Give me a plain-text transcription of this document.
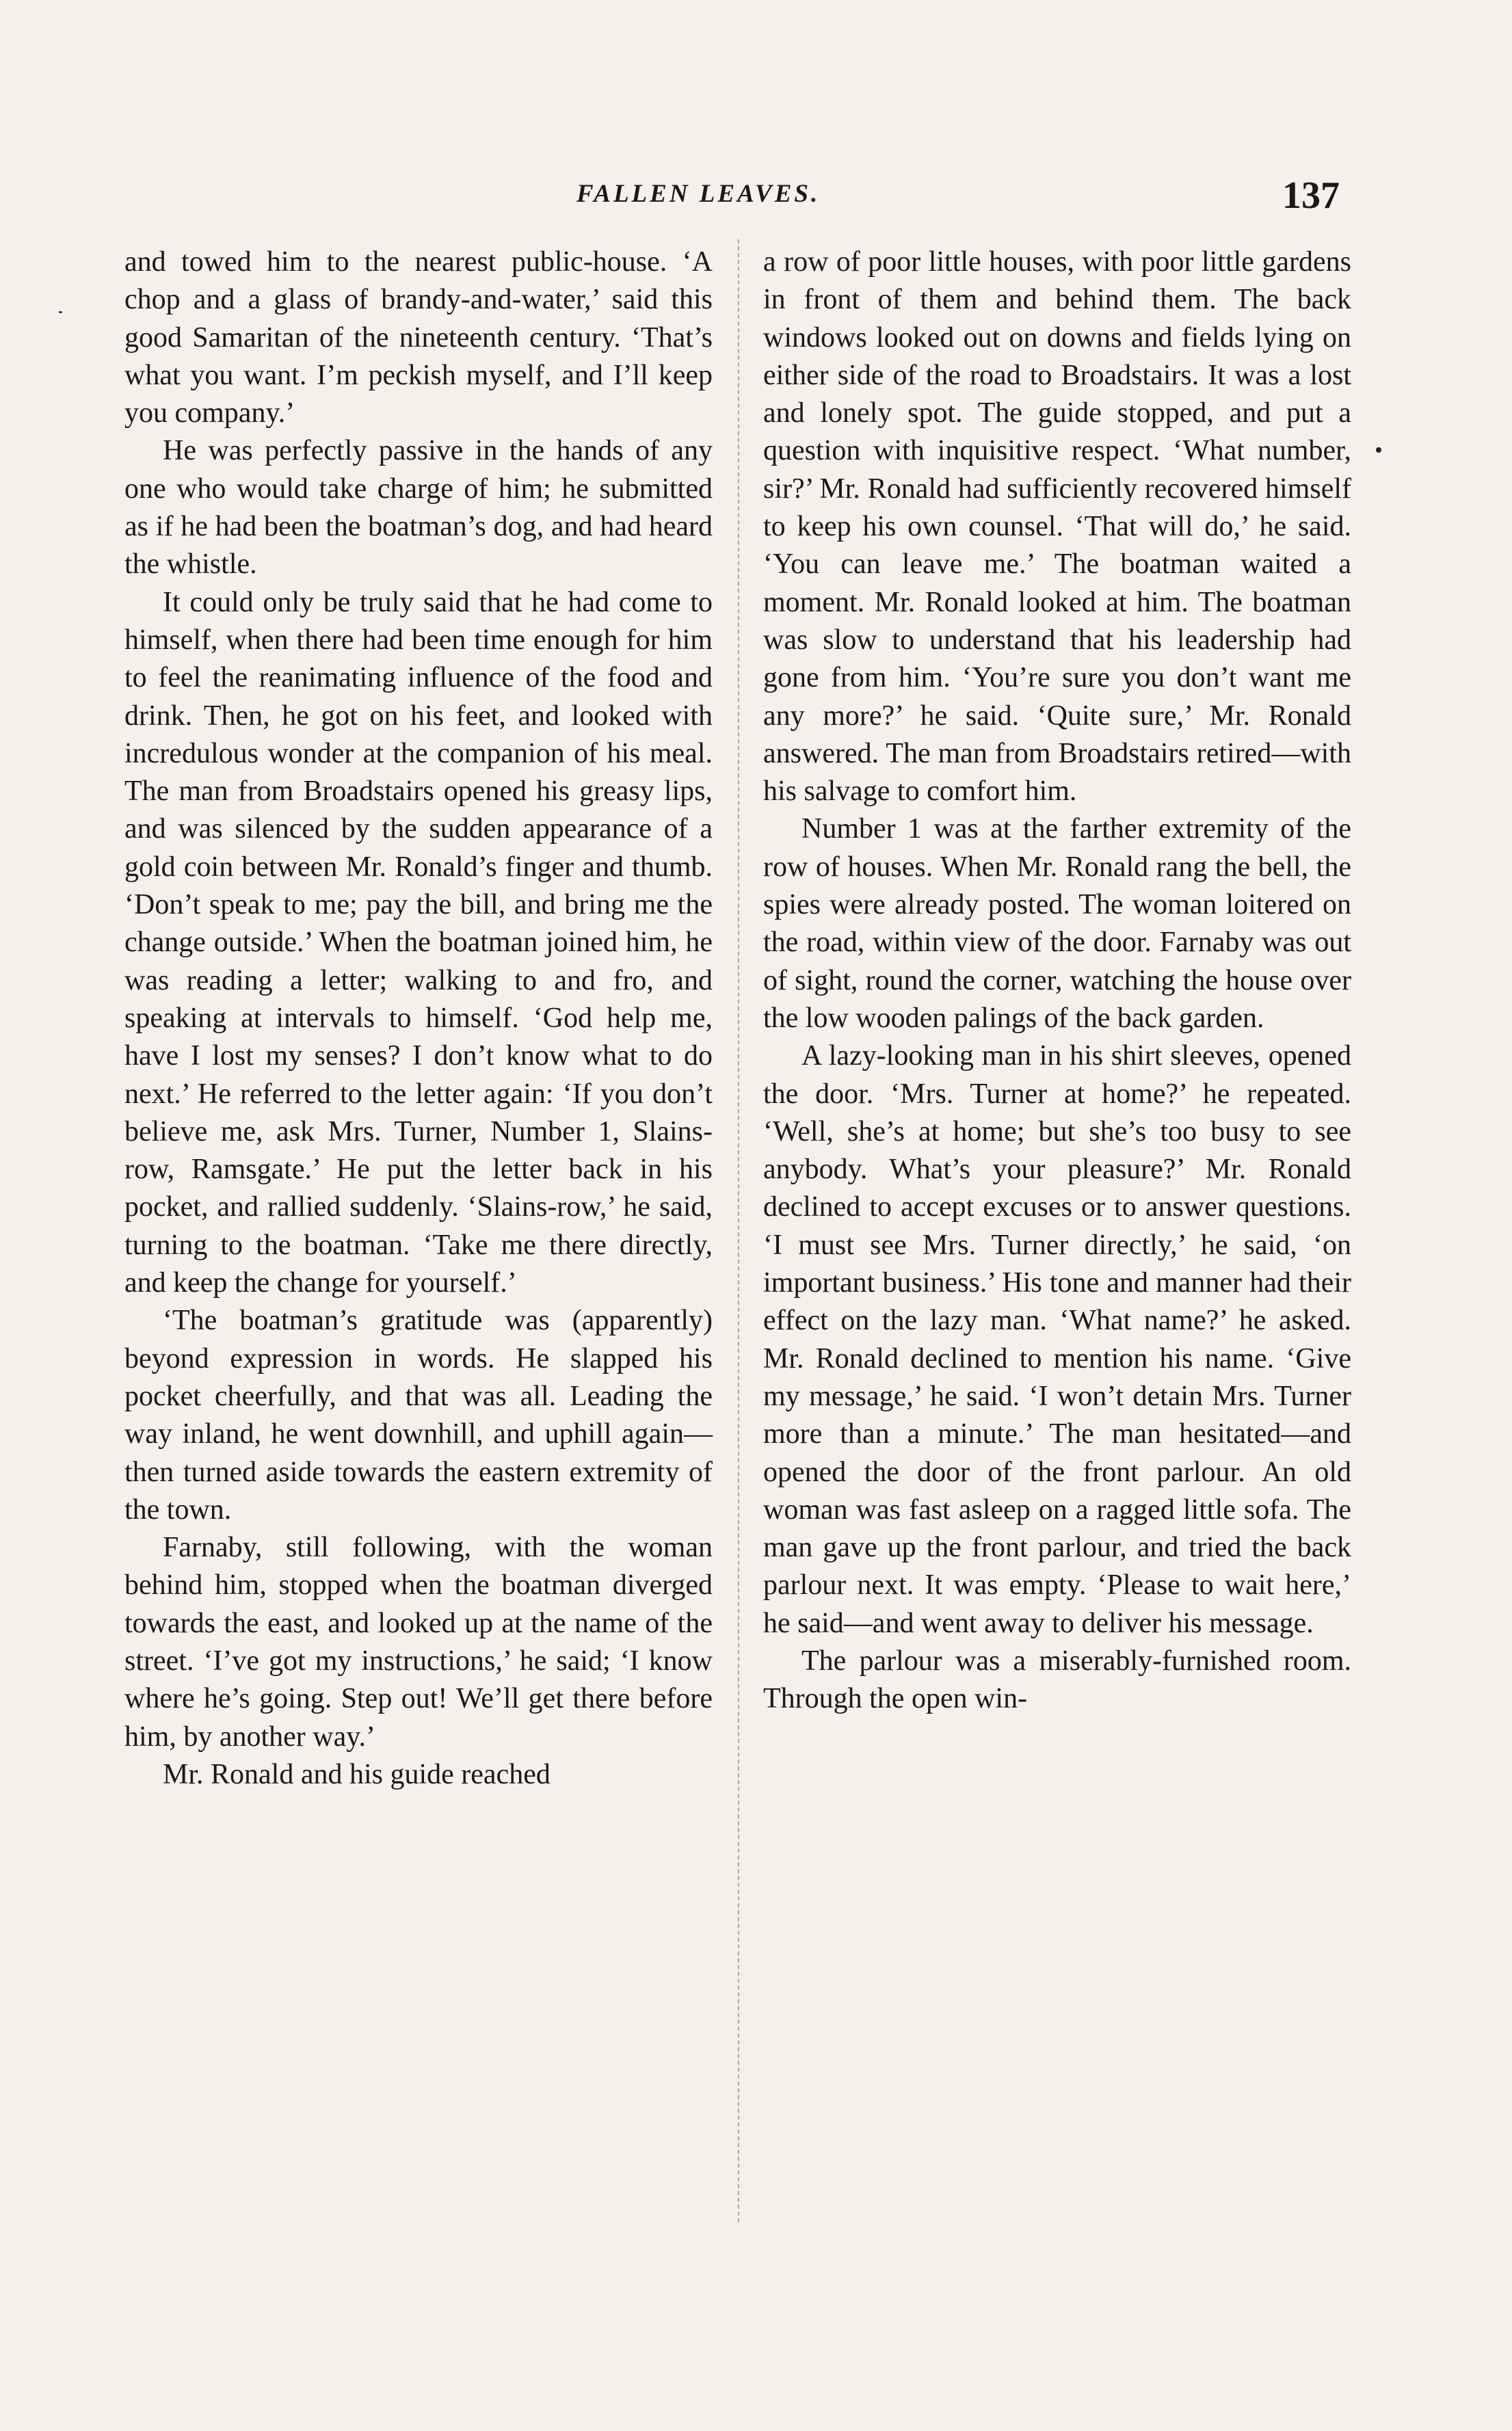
FALLEN LEAVES.	137

and towed him to the nearest public-house. ‘A chop and a glass of brandy-and-water,’ said this good Samaritan of the nineteenth century. ‘That’s what you want. I’m peckish myself, and I’ll keep you company.’

He was perfectly passive in the hands of any one who would take charge of him; he submitted as if he had been the boatman’s dog, and had heard the whistle.

It could only be truly said that he had come to himself, when there had been time enough for him to feel the reanimating influence of the food and drink. Then, he got on his feet, and looked with incredulous wonder at the companion of his meal. The man from Broadstairs opened his greasy lips, and was silenced by the sudden appearance of a gold coin between Mr. Ronald’s finger and thumb. ‘Don’t speak to me; pay the bill, and bring me the change outside.’ When the boatman joined him, he was reading a letter; walking to and fro, and speaking at intervals to himself. ‘God help me, have I lost my senses? I don’t know what to do next.’ He referred to the letter again: ‘If you don’t believe me, ask Mrs. Turner, Number 1, Slains-row, Ramsgate.’ He put the letter back in his pocket, and rallied suddenly. ‘Slains-row,’ he said, turning to the boatman. ‘Take me there directly, and keep the change for yourself.’

‘The boatman’s gratitude was (apparently) beyond expression in words. He slapped his pocket cheerfully, and that was all. Leading the way inland, he went downhill, and uphill again—then turned aside towards the eastern extremity of the town.

Farnaby, still following, with the woman behind him, stopped when the boatman diverged towards the east, and looked up at the name of the street. ‘I’ve got my instructions,’ he said; ‘I know where he’s going. Step out! We’ll get there before him, by another way.’

Mr. Ronald and his guide reached

a row of poor little houses, with poor little gardens in front of them and behind them. The back windows looked out on downs and fields lying on either side of the road to Broadstairs. It was a lost and lonely spot. The guide stopped, and put a question with inquisitive respect. ‘What number, sir?’ Mr. Ronald had sufficiently recovered himself to keep his own counsel. ‘That will do,’ he said. ‘You can leave me.’ The boatman waited a moment. Mr. Ronald looked at him. The boatman was slow to understand that his leadership had gone from him. ‘You’re sure you don’t want me any more?’ he said. ‘Quite sure,’ Mr. Ronald answered. The man from Broadstairs retired—with his salvage to comfort him.

Number 1 was at the farther extremity of the row of houses. When Mr. Ronald rang the bell, the spies were already posted. The woman loitered on the road, within view of the door. Farnaby was out of sight, round the corner, watching the house over the low wooden palings of the back garden.

A lazy-looking man in his shirt sleeves, opened the door. ‘Mrs. Turner at home?’ he repeated. ‘Well, she’s at home; but she’s too busy to see anybody. What’s your pleasure?’ Mr. Ronald declined to accept excuses or to answer questions. ‘I must see Mrs. Turner directly,’ he said, ‘on important business.’ His tone and manner had their effect on the lazy man. ‘What name?’ he asked. Mr. Ronald declined to mention his name. ‘Give my message,’ he said. ‘I won’t detain Mrs. Turner more than a minute.’ The man hesitated—and opened the door of the front parlour. An old woman was fast asleep on a ragged little sofa. The man gave up the front parlour, and tried the back parlour next. It was empty. ‘Please to wait here,’ he said—and went away to deliver his message.

The parlour was a miserably-furnished room. Through the open win-
